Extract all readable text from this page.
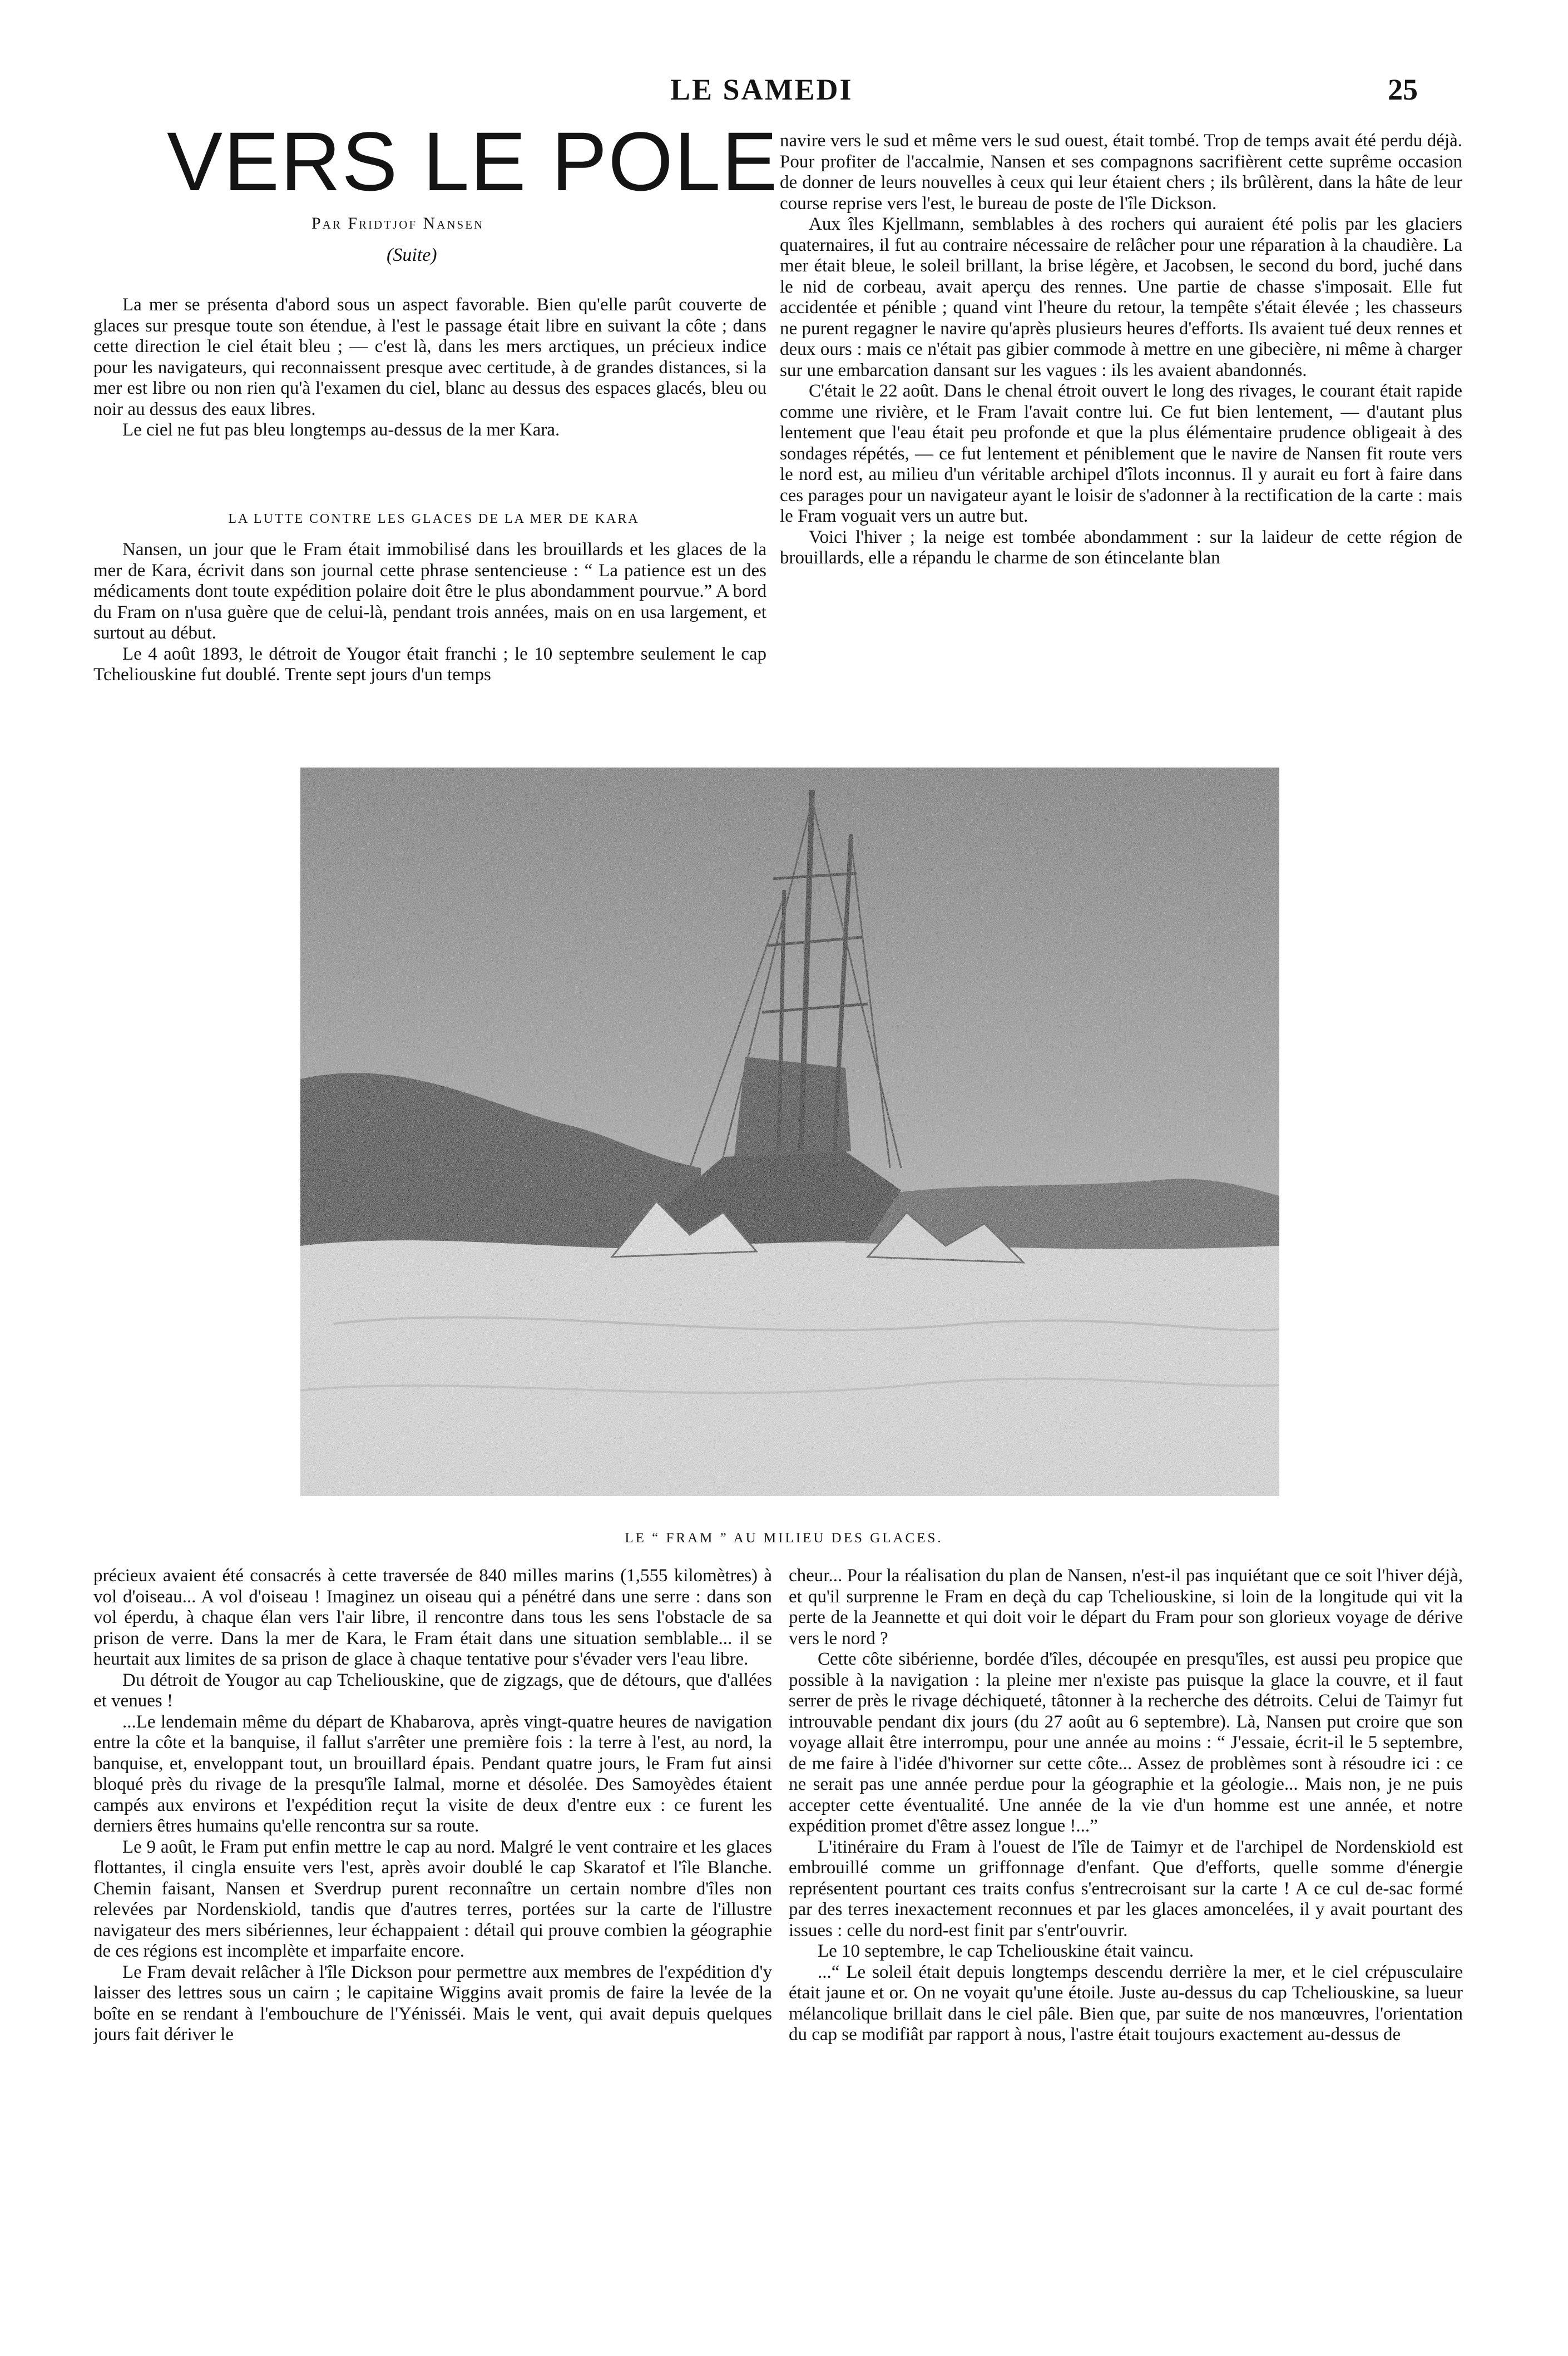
LE SAMEDI	25
VERS LE POLE
Par Fridtjof Nansen
(Suite)

La mer se présenta d'abord sous un aspect favorable. Bien qu'elle parût couverte de glaces sur presque toute son étendue, à l'est le passage était libre en suivant la côte ; dans cette direction le ciel était bleu ; — c'est là, dans les mers arctiques, un précieux indice pour les navigateurs, qui reconnaissent presque avec certitude, à de grandes distances, si la mer est libre ou non rien qu'à l'examen du ciel, blanc au dessus des espaces glacés, bleu ou noir au dessus des eaux libres.

Le ciel ne fut pas bleu longtemps au-dessus de la mer Kara.

Nansen, un jour que le Fram était immobilisé dans les brouillards et les glaces de la mer de Kara, écrivit dans son journal cette phrase sentencieuse : “ La patience est un des médicaments dont toute expédition polaire doit être le plus abondamment pourvue.” A bord du Fram on n'usa guère que de celui-là, pendant trois années, mais on en usa largement, et surtout au début.

Le 4 août 1893, le détroit de Yougor était franchi ; le 10 septembre seulement le cap Tcheliouskine fut doublé. Trente sept jours d'un temps

LA LUTTE CONTRE LES GLACES DE LA MER DE KARA

navire vers le sud et même vers le sud ouest, était tombé. Trop de temps avait été perdu déjà. Pour profiter de l'accalmie, Nansen et ses compagnons sacrifièrent cette suprême occasion de donner de leurs nouvelles à ceux qui leur étaient chers ; ils brûlèrent, dans la hâte de leur course reprise vers l'est, le bureau de poste de l'île Dickson.

Aux îles Kjellmann, semblables à des rochers qui auraient été polis par les glaciers quaternaires, il fut au contraire nécessaire de relâcher pour une réparation à la chaudière. La mer était bleue, le soleil brillant, la brise légère, et Jacobsen, le second du bord, juché dans le nid de corbeau, avait aperçu des rennes. Une partie de chasse s'imposait. Elle fut accidentée et pénible ; quand vint l'heure du retour, la tempête s'était élevée ; les chasseurs ne purent regagner le navire qu'après plusieurs heures d'efforts. Ils avaient tué deux rennes et deux ours : mais ce n'était pas gibier commode à mettre en une gibecière, ni même à charger sur une embarcation dansant sur les vagues : ils les avaient abandonnés.

C'était le 22 août. Dans le chenal étroit ouvert le long des rivages, le courant était rapide comme une rivière, et le Fram l'avait contre lui. Ce fut bien lentement, — d'autant plus lentement que l'eau était peu profonde et que la plus élémentaire prudence obligeait à des sondages répétés, — ce fut lentement et péniblement que le navire de Nansen fit route vers le nord est, au milieu d'un véritable archipel d'îlots inconnus. Il y aurait eu fort à faire dans ces parages pour un navigateur ayant le loisir de s'adonner à la rectification de la carte : mais le Fram voguait vers un autre but.

Voici l'hiver ; la neige est tombée abondamment : sur la laideur de cette région de brouillards, elle a répandu le charme de son étincelante blan

LE “ FRAM ” AU MILIEU DES GLACES.

précieux avaient été consacrés à cette traversée de 840 milles marins (1,555 kilomètres) à vol d'oiseau... A vol d'oiseau ! Imaginez un oiseau qui a pénétré dans une serre : dans son vol éperdu, à chaque élan vers l'air libre, il rencontre dans tous les sens l'obstacle de sa prison de verre. Dans la mer de Kara, le Fram était dans une situation semblable... il se heurtait aux limites de sa prison de glace à chaque tentative pour s'évader vers l'eau libre.

Du détroit de Yougor au cap Tcheliouskine, que de zigzags, que de détours, que d'allées et venues !

...Le lendemain même du départ de Khabarova, après vingt-quatre heures de navigation entre la côte et la banquise, il fallut s'arrêter une première fois : la terre à l'est, au nord, la banquise, et, enveloppant tout, un brouillard épais. Pendant quatre jours, le Fram fut ainsi bloqué près du rivage de la presqu'île Ialmal, morne et désolée. Des Samoyèdes étaient campés aux environs et l'expédition reçut la visite de deux d'entre eux : ce furent les derniers êtres humains qu'elle rencontra sur sa route.

Le 9 août, le Fram put enfin mettre le cap au nord. Malgré le vent contraire et les glaces flottantes, il cingla ensuite vers l'est, après avoir doublé le cap Skaratof et l'île Blanche. Chemin faisant, Nansen et Sverdrup purent reconnaître un certain nombre d'îles non relevées par Nordenskiold, tandis que d'autres terres, portées sur la carte de l'illustre navigateur des mers sibériennes, leur échappaient : détail qui prouve combien la géographie de ces régions est incomplète et imparfaite encore.

Le Fram devait relâcher à l'île Dickson pour permettre aux membres de l'expédition d'y laisser des lettres sous un cairn ; le capitaine Wiggins avait promis de faire la levée de la boîte en se rendant à l'embouchure de l'Yénisséi. Mais le vent, qui avait depuis quelques jours fait dériver le

cheur... Pour la réalisation du plan de Nansen, n'est-il pas inquiétant que ce soit l'hiver déjà, et qu'il surprenne le Fram en deçà du cap Tcheliouskine, si loin de la longitude qui vit la perte de la Jeannette et qui doit voir le départ du Fram pour son glorieux voyage de dérive vers le nord ?

Cette côte sibérienne, bordée d'îles, découpée en presqu'îles, est aussi peu propice que possible à la navigation : la pleine mer n'existe pas puisque la glace la couvre, et il faut serrer de près le rivage déchiqueté, tâtonner à la recherche des détroits. Celui de Taimyr fut introuvable pendant dix jours (du 27 août au 6 septembre). Là, Nansen put croire que son voyage allait être interrompu, pour une année au moins : “ J'essaie, écrit-il le 5 septembre, de me faire à l'idée d'hivorner sur cette côte... Assez de problèmes sont à résoudre ici : ce ne serait pas une année perdue pour la géographie et la géologie... Mais non, je ne puis accepter cette éventualité. Une année de la vie d'un homme est une année, et notre expédition promet d'être assez longue !...”

L'itinéraire du Fram à l'ouest de l'île de Taimyr et de l'archipel de Nordenskiold est embrouillé comme un griffonnage d'enfant. Que d'efforts, quelle somme d'énergie représentent pourtant ces traits confus s'entrecroisant sur la carte ! A ce cul de-sac formé par des terres inexactement reconnues et par les glaces amoncelées, il y avait pourtant des issues : celle du nord-est finit par s'entr'ouvrir.

Le 10 septembre, le cap Tcheliouskine était vaincu.

...“ Le soleil était depuis longtemps descendu derrière la mer, et le ciel crépusculaire était jaune et or. On ne voyait qu'une étoile. Juste au-dessus du cap Tcheliouskine, sa lueur mélancolique brillait dans le ciel pâle. Bien que, par suite de nos manœuvres, l'orientation du cap se modifiât par rapport à nous, l'astre était toujours exactement au-dessus de
